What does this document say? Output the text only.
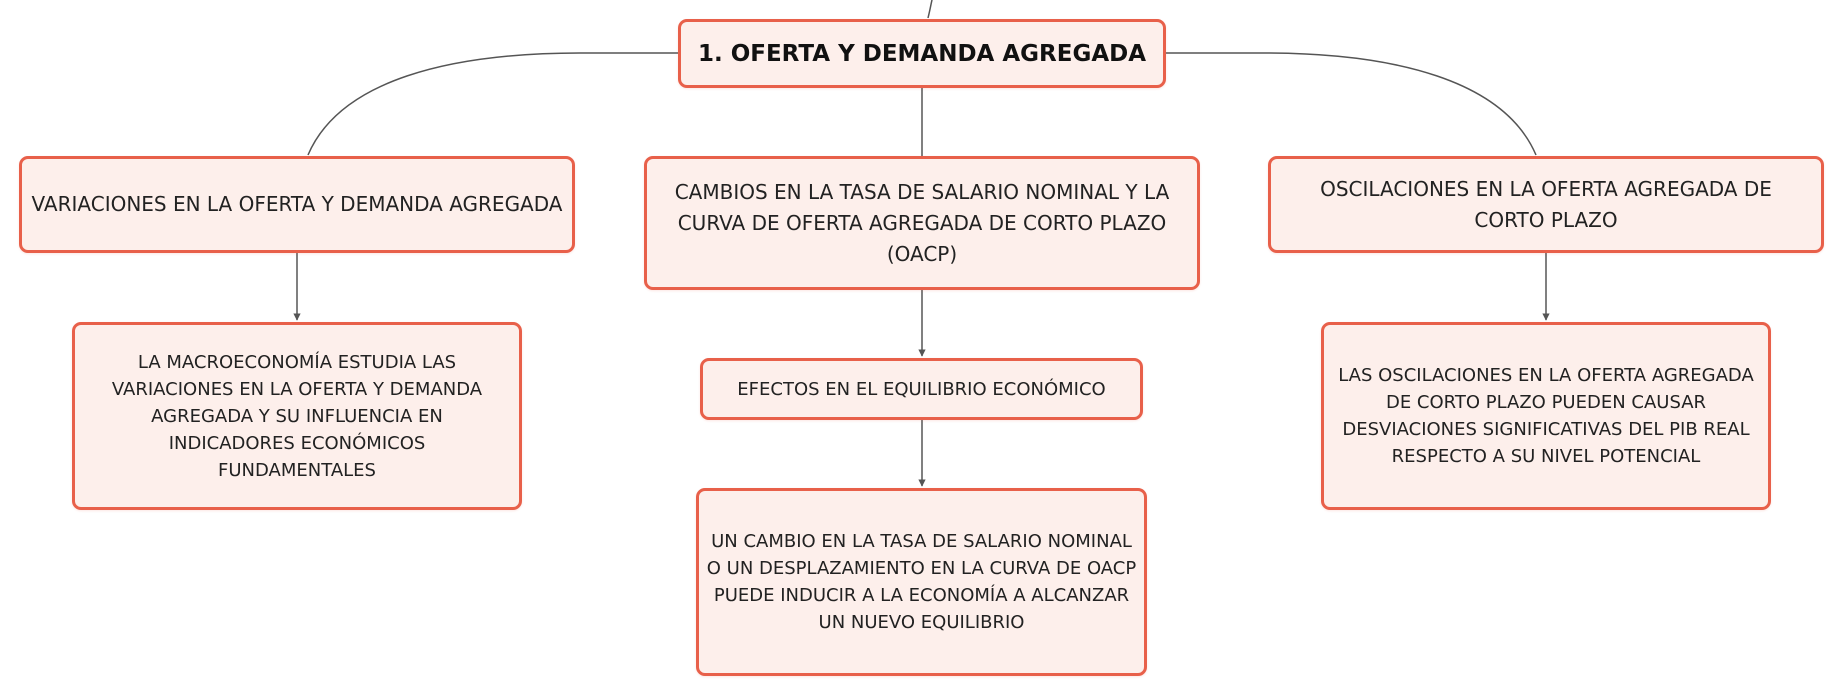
1. OFERTA Y DEMANDA AGREGADA
VARIACIONES EN LA OFERTA Y DEMANDA AGREGADA
CAMBIOS EN LA TASA DE SALARIO NOMINAL Y LA CURVA DE OFERTA AGREGADA DE CORTO PLAZO (OACP)
OSCILACIONES EN LA OFERTA AGREGADA DE CORTO PLAZO
LA MACROECONOMÍA ESTUDIA LAS VARIACIONES EN LA OFERTA Y DEMANDA AGREGADA Y SU INFLUENCIA EN INDICADORES ECONÓMICOS FUNDAMENTALES
EFECTOS EN EL EQUILIBRIO ECONÓMICO
UN CAMBIO EN LA TASA DE SALARIO NOMINAL O UN DESPLAZAMIENTO EN LA CURVA DE OACP PUEDE INDUCIR A LA ECONOMÍA A ALCANZAR UN NUEVO EQUILIBRIO
LAS OSCILACIONES EN LA OFERTA AGREGADA DE CORTO PLAZO PUEDEN CAUSAR DESVIACIONES SIGNIFICATIVAS DEL PIB REAL RESPECTO A SU NIVEL POTENCIAL
